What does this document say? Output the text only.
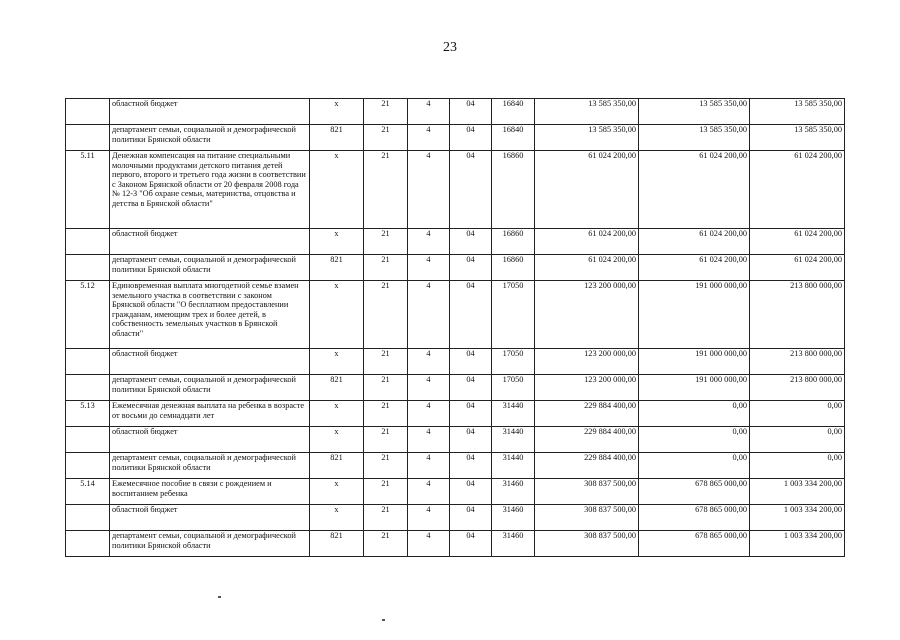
23
	областной бюджет	x	21	4	04	16840	13 585 350,00	13 585 350,00	13 585 350,00
	департамент семьи, социальной и демографической политики Брянской области	821	21	4	04	16840	13 585 350,00	13 585 350,00	13 585 350,00
5.11	Денежная компенсация на питание специальными молочными продуктами детского питания детей первого, второго и третьего года жизни в соответствии с Законом Брянской области от 20 февраля 2008 года № 12-З "Об охране семьи, материнства, отцовства и детства в Брянской области"	x	21	4	04	16860	61 024 200,00	61 024 200,00	61 024 200,00
	областной бюджет	x	21	4	04	16860	61 024 200,00	61 024 200,00	61 024 200,00
	департамент семьи, социальной и демографической политики Брянской области	821	21	4	04	16860	61 024 200,00	61 024 200,00	61 024 200,00
5.12	Единовременная выплата многодетной семье взамен земельного участка в соответствии с законом Брянской области "О бесплатном предоставлении гражданам, имеющим трех и более детей, в собственность земельных участков в Брянской области"	x	21	4	04	17050	123 200 000,00	191 000 000,00	213 800 000,00
	областной бюджет	x	21	4	04	17050	123 200 000,00	191 000 000,00	213 800 000,00
	департамент семьи, социальной и демографической политики Брянской области	821	21	4	04	17050	123 200 000,00	191 000 000,00	213 800 000,00
5.13	Ежемесячная денежная выплата на ребенка в возрасте от восьми до семнадцати лет	x	21	4	04	31440	229 884 400,00	0,00	0,00
	областной бюджет	x	21	4	04	31440	229 884 400,00	0,00	0,00
	департамент семьи, социальной и демографической политики Брянской области	821	21	4	04	31440	229 884 400,00	0,00	0,00
5.14	Ежемесячное пособие в связи с рождением и воспитанием ребенка	x	21	4	04	31460	308 837 500,00	678 865 000,00	1 003 334 200,00
	областной бюджет	x	21	4	04	31460	308 837 500,00	678 865 000,00	1 003 334 200,00
	департамент семьи, социальной и демографической политики Брянской области	821	21	4	04	31460	308 837 500,00	678 865 000,00	1 003 334 200,00
